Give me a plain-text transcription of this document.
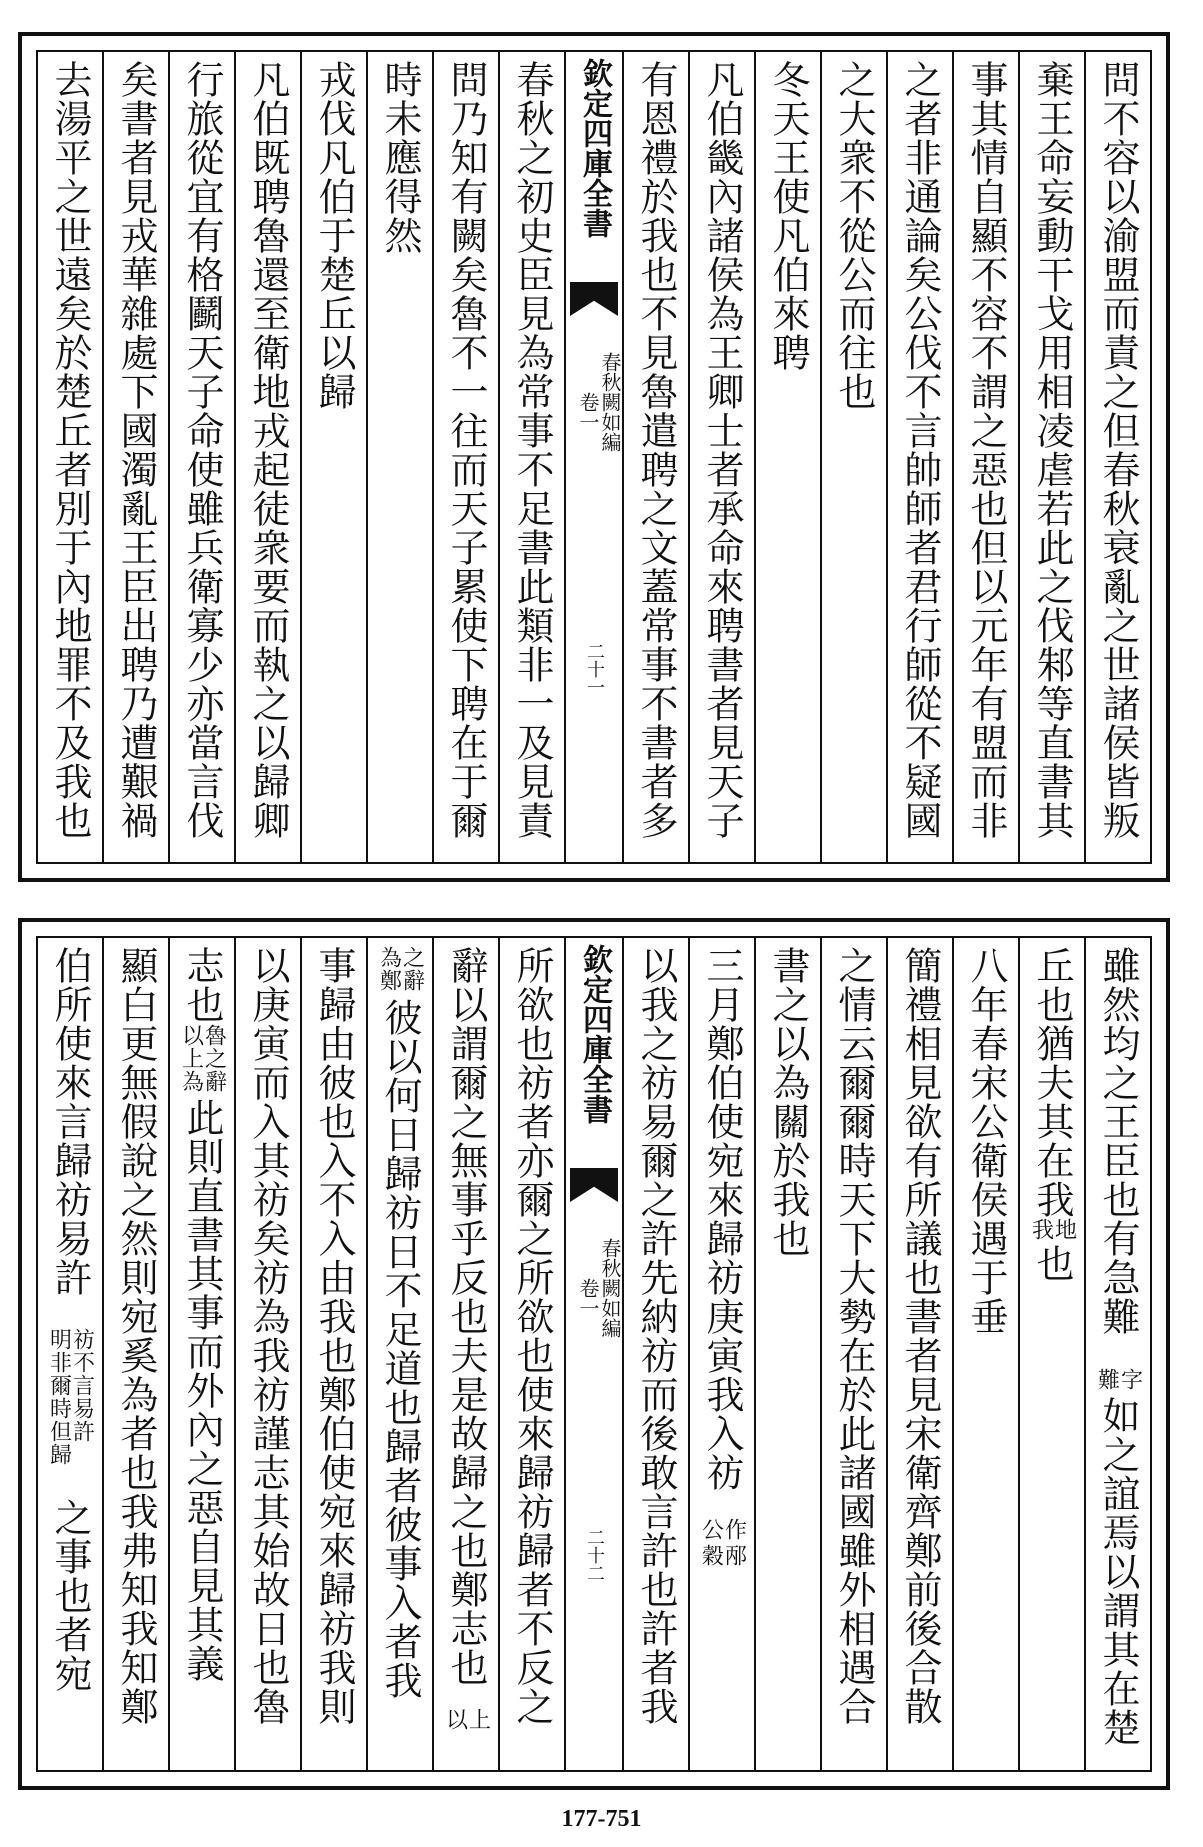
問不容以渝盟而責之但春秋衰亂之世諸侯皆叛
棄王命妄動干戈用相凌虐若此之伐邾等直書其
事其情自顯不容不謂之惡也但以元年有盟而非
之者非通論矣公伐不言帥師者君行師從不疑國
之大衆不從公而往也
冬天王使凡伯來聘
凡伯畿內諸侯為王卿士者承命來聘書者見天子
有恩禮於我也不見魯遣聘之文蓋常事不書者多
欽定四庫全書
春秋闕如編
卷一
二十一
春秋之初史臣見為常事不足書此類非一及見責
問乃知有闕矣魯不一往而天子累使下聘在于爾
時未應得然
戎伐凡伯于楚丘以歸
凡伯既聘魯還至衛地戎起徒衆要而執之以歸卿
行旅從宜有格鬬天子命使雖兵衛寡少亦當言伐
矣書者見戎華雜處下國濁亂王臣出聘乃遭艱禍
去湯平之世遠矣於楚丘者別于內地罪不及我也
雖然均之王臣也有急難
難
字
如之誼焉以謂其在楚
丘也猶夫其在我
我
地
也
八年春宋公衛侯遇于垂
簡禮相見欲有所議也書者見宋衛齊鄭前後合散
之情云爾爾時天下大勢在於此諸國雖外相遇合
書之以為關於我也
三月鄭伯使宛來歸祊庚寅我入祊
公
作
穀
邴
以我之祊易爾之許先納祊而後敢言許也許者我
欽定四庫全書
春秋闕如編
卷一
二十二
所欲也祊者亦爾之所欲也使來歸祊歸者不反之
辭以謂爾之無事乎反也夫是故歸之也鄭志也
以
上
為鄭
之辭
彼以何日歸祊日不足道也歸者彼事入者我
事歸由彼也入不入由我也鄭伯使宛來歸祊我則
以庚寅而入其祊矣祊為我祊謹志其始故日也魯
志也
以上為
魯之辭
此則直書其事而外內之惡自見其義
顯白更無假說之然則宛奚為者也我弗知我知鄭
伯所使來言歸祊易許
明非爾時但歸
祊不言易許
之事也者宛
177-751
